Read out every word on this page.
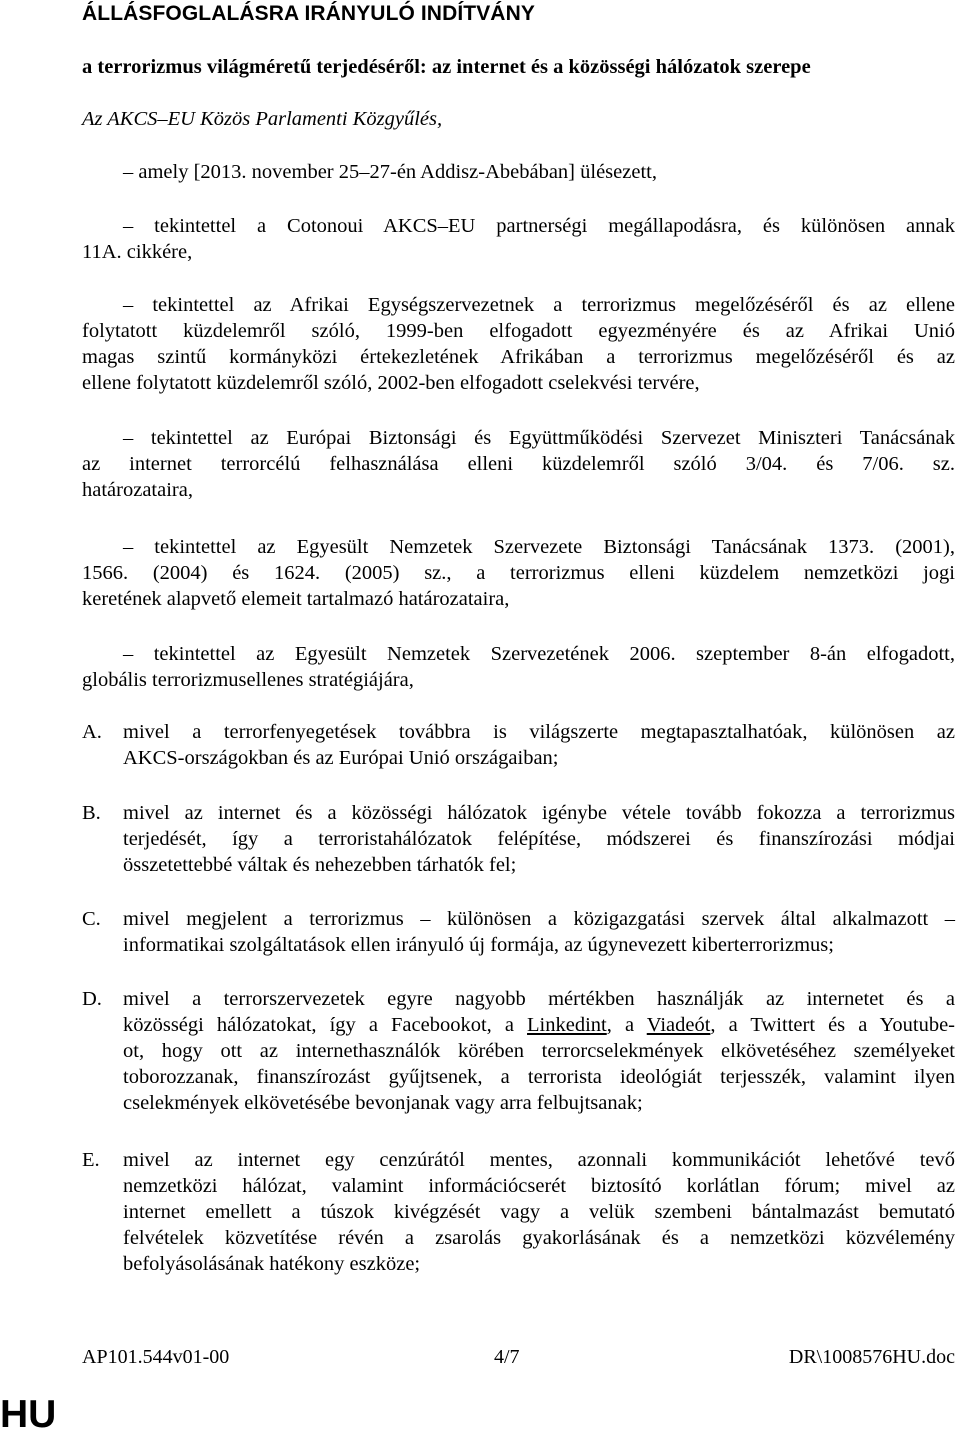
ÁLLÁSFOGLALÁSRA IRÁNYULÓ INDÍTVÁNY
a terrorizmus világméretű terjedéséről: az internet és a közösségi hálózatok szerepe
Az AKCS–EU Közös Parlamenti Közgyűlés,
– amely [2013. november 25–27-én Addisz-Abebában] ülésezett,
– tekintettel a Cotonoui AKCS–EU partnerségi megállapodásra, és különösen annak
11A. cikkére,
– tekintettel az Afrikai Egységszervezetnek a terrorizmus megelőzéséről és az ellene
folytatott küzdelemről szóló, 1999-ben elfogadott egyezményére és az Afrikai Unió
magas szintű kormányközi értekezletének Afrikában a terrorizmus megelőzéséről és az
ellene folytatott küzdelemről szóló, 2002-ben elfogadott cselekvési tervére,
– tekintettel az Európai Biztonsági és Együttműködési Szervezet Miniszteri Tanácsának
az internet terrorcélú felhasználása elleni küzdelemről szóló 3/04. és 7/06. sz.
határozataira,
– tekintettel az Egyesült Nemzetek Szervezete Biztonsági Tanácsának 1373. (2001),
1566. (2004) és 1624. (2005) sz., a terrorizmus elleni küzdelem nemzetközi jogi
keretének alapvető elemeit tartalmazó határozataira,
– tekintettel az Egyesült Nemzetek Szervezetének 2006. szeptember 8-án elfogadott,
globális terrorizmusellenes stratégiájára,
A.	mivel a terrorfenyegetések továbbra is világszerte megtapasztalhatóak, különösen az
AKCS-országokban és az Európai Unió országaiban;
B.	mivel az internet és a közösségi hálózatok igénybe vétele tovább fokozza a terrorizmus
terjedését, így a terroristahálózatok felépítése, módszerei és finanszírozási módjai
összetettebbé váltak és nehezebben tárhatók fel;
C.	mivel megjelent a terrorizmus – különösen a közigazgatási szervek által alkalmazott –
informatikai szolgáltatások ellen irányuló új formája, az úgynevezett kiberterrorizmus;
D.	mivel a terrorszervezetek egyre nagyobb mértékben használják az internetet és a
közösségi hálózatokat, így a Facebookot, a Linkedint, a Viadeót, a Twittert és a Youtube-
ot, hogy ott az internethasználók körében terrorcselekmények elkövetéséhez személyeket
toborozzanak, finanszírozást gyűjtsenek, a terrorista ideológiát terjesszék, valamint ilyen
cselekmények elkövetésébe bevonjanak vagy arra felbujtsanak;
E.	mivel az internet egy cenzúrától mentes, azonnali kommunikációt lehetővé tevő
nemzetközi hálózat, valamint információcserét biztosító korlátlan fórum; mivel az
internet emellett a túszok kivégzését vagy a velük szembeni bántalmazást bemutató
felvételek közvetítése révén a zsarolás gyakorlásának és a nemzetközi közvélemény
befolyásolásának hatékony eszköze;
AP101.544v01-00	4/7	DR\1008576HU.doc
HU
